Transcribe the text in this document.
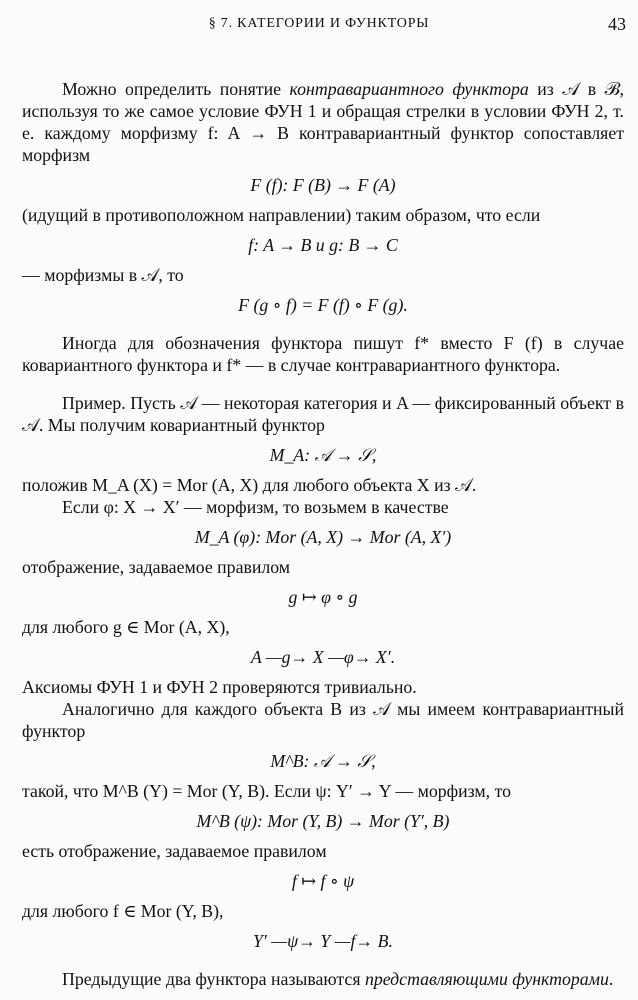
§ 7. КАТЕГОРИИ И ФУНКТОРЫ	43

Можно определить понятие контравариантного функтора из 𝒜 в ℬ, используя то же самое условие ФУН 1 и обращая стрелки в условии ФУН 2, т. е. каждому морфизму f: A → B контравариантный функтор сопоставляет морфизм

F (f): F (B) → F (A)

(идущий в противоположном направлении) таким образом, что если

f: A → B и g: B → C

— морфизмы в 𝒜, то

F (g ∘ f) = F (f) ∘ F (g).

Иногда для обозначения функтора пишут f* вместо F (f) в случае ковариантного функтора и f* — в случае контравариантного функтора.

Пример. Пусть 𝒜 — некоторая категория и A — фиксированный объект в 𝒜. Мы получим ковариантный функтор

M_A: 𝒜 → 𝒮,

положив M_A (X) = Mor (A, X) для любого объекта X из 𝒜.

Если φ: X → X′ — морфизм, то возьмем в качестве

M_A (φ): Mor (A, X) → Mor (A, X′)

отображение, задаваемое правилом

g ↦ φ ∘ g

для любого g ∈ Mor (A, X),

A —g→ X —φ→ X′.

Аксиомы ФУН 1 и ФУН 2 проверяются тривиально.

Аналогично для каждого объекта B из 𝒜 мы имеем контравариантный функтор

M^B: 𝒜 → 𝒮,

такой, что M^B (Y) = Mor (Y, B). Если ψ: Y′ → Y — морфизм, то

M^B (ψ): Mor (Y, B) → Mor (Y′, B)

есть отображение, задаваемое правилом

f ↦ f ∘ ψ

для любого f ∈ Mor (Y, B),

Y′ —ψ→ Y —f→ B.

Предыдущие два функтора называются представляющими функторами.
